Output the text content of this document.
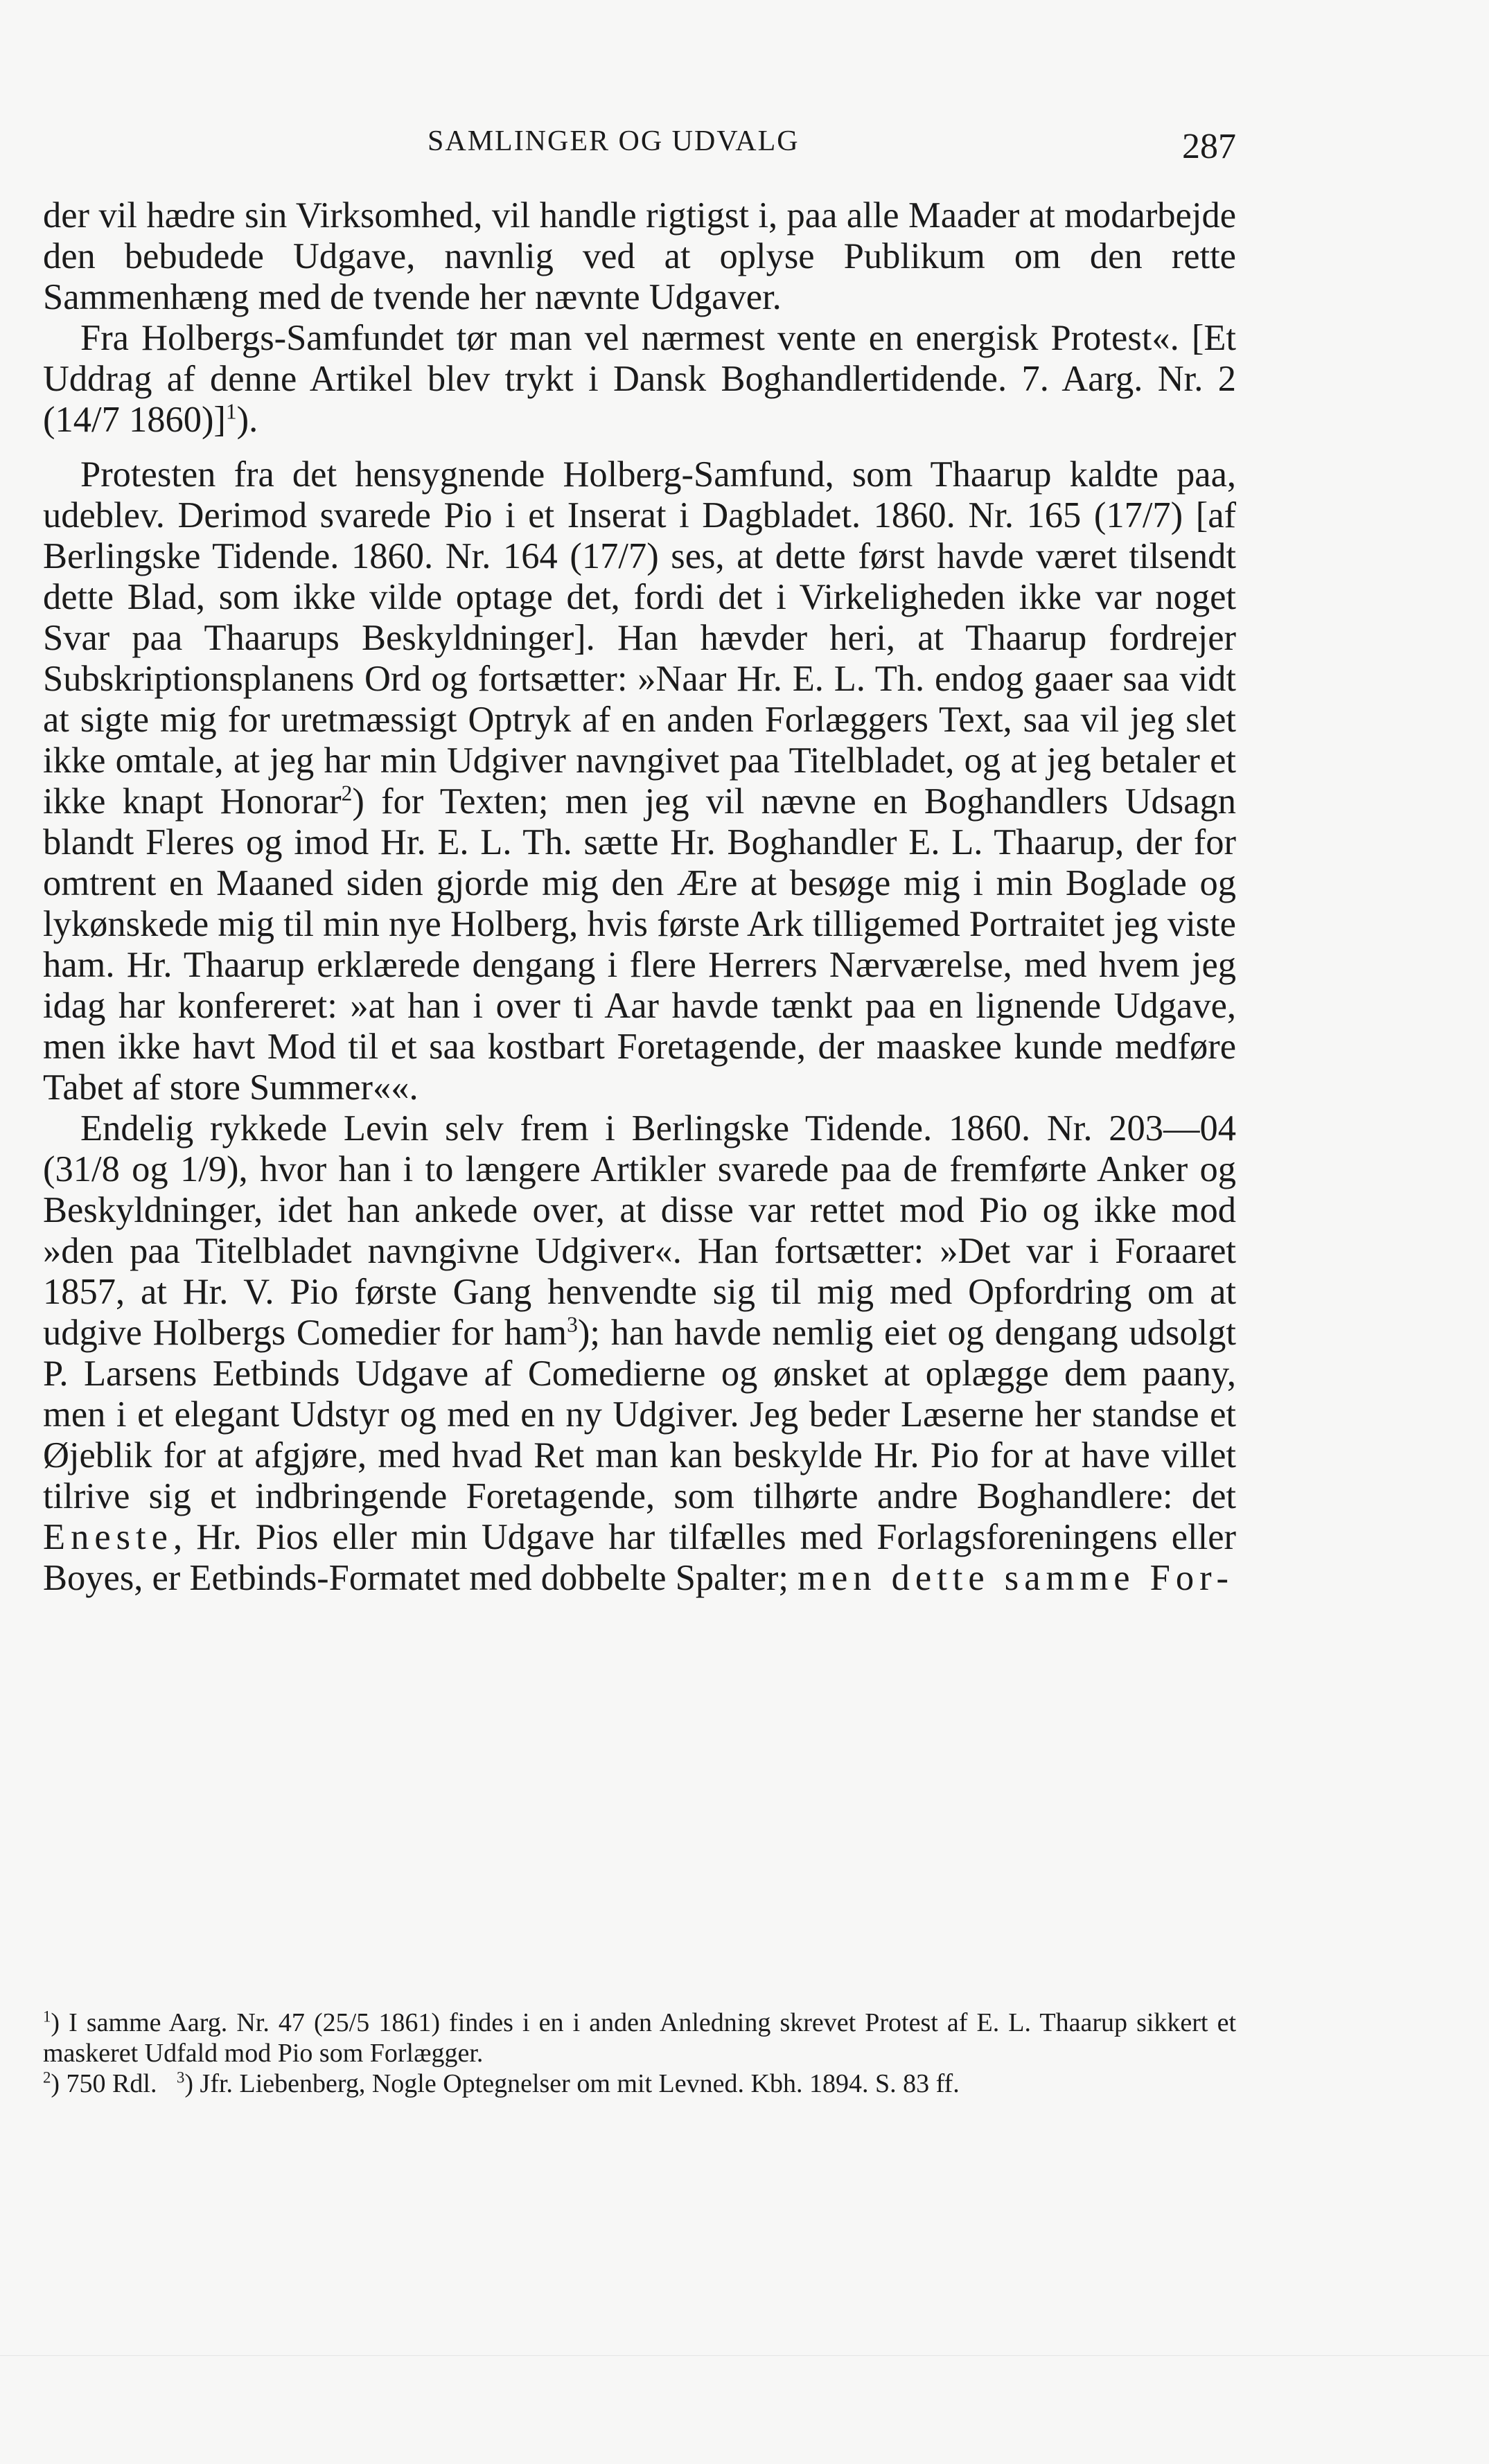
SAMLINGER OG UDVALG	287

der vil hædre sin Virksomhed, vil handle rigtigst i, paa alle Maader at modarbejde den bebudede Udgave, navnlig ved at oplyse Publikum om den rette Sammenhæng med de tvende her nævnte Udgaver.

Fra Holbergs-Samfundet tør man vel nærmest vente en energisk Protest«. [Et Uddrag af denne Artikel blev trykt i Dansk Boghandlertidende. 7. Aarg. Nr. 2 (14/7 1860)]$^1$).

Protesten fra det hensygnende Holberg-Samfund, som Thaarup kaldte paa, udeblev. Derimod svarede Pio i et Inserat i Dagbladet. 1860. Nr. 165 (17/7) [af Berlingske Tidende. 1860. Nr. 164 (17/7) ses, at dette først havde været tilsendt dette Blad, som ikke vilde optage det, fordi det i Virkeligheden ikke var noget Svar paa Thaarups Beskyldninger]. Han hævder heri, at Thaarup fordrejer Subskriptionsplanens Ord og fortsætter: »Naar Hr. E. L. Th. endog gaaer saa vidt at sigte mig for uretmæssigt Optryk af en anden Forlæggers Text, saa vil jeg slet ikke omtale, at jeg har min Udgiver navngivet paa Titelbladet, og at jeg betaler et ikke knapt Honorar$^2$) for Texten; men jeg vil nævne en Boghandlers Udsagn blandt Fleres og imod Hr. E. L. Th. sætte Hr. Boghandler E. L. Thaarup, der for omtrent en Maaned siden gjorde mig den Ære at besøge mig i min Boglade og lykønskede mig til min nye Holberg, hvis første Ark tilligemed Portraitet jeg viste ham. Hr. Thaarup erklærede dengang i flere Herrers Nærværelse, med hvem jeg idag har konfereret: »at han i over ti Aar havde tænkt paa en lignende Udgave, men ikke havt Mod til et saa kostbart Foretagende, der maaskee kunde medføre Tabet af store Summer««.

Endelig rykkede Levin selv frem i Berlingske Tidende. 1860. Nr. 203—04 (31/8 og 1/9), hvor han i to længere Artikler svarede paa de fremførte Anker og Beskyldninger, idet han ankede over, at disse var rettet mod Pio og ikke mod »den paa Titelbladet navngivne Udgiver«. Han fortsætter: »Det var i Foraaret 1857, at Hr. V. Pio første Gang henvendte sig til mig med Opfordring om at udgive Holbergs Comedier for ham$^3$); han havde nemlig eiet og dengang udsolgt P. Larsens Eetbinds Udgave af Comedierne og ønsket at oplægge dem paany, men i et elegant Udstyr og med en ny Udgiver. Jeg beder Læserne her standse et Øjeblik for at afgjøre, med hvad Ret man kan beskylde Hr. Pio for at have villet tilrive sig et indbringende Foretagende, som tilhørte andre Boghandlere: det Eneste, Hr. Pios eller min Udgave har tilfælles med Forlagsforeningens eller Boyes, er Eetbinds-Formatet med dobbelte Spalter; men dette samme For-

$^1$) I samme Aarg. Nr. 47 (25/5 1861) findes i en i anden Anledning skrevet Protest af E. L. Thaarup sikkert et maskeret Udfald mod Pio som Forlægger.

$^2$) 750 Rdl. $^3$) Jfr. Liebenberg, Nogle Optegnelser om mit Levned. Kbh. 1894. S. 83 ff.
